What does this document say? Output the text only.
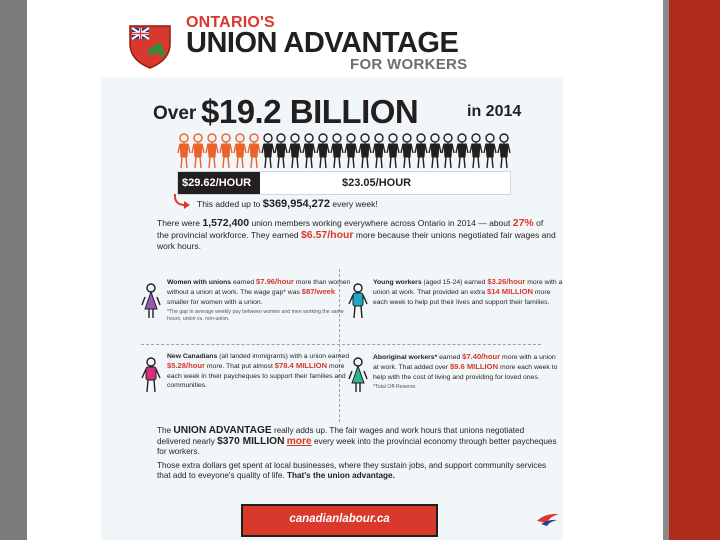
ONTARIO'S
UNION ADVANTAGE
FOR WORKERS
Over $19.2 BILLION	in 2014
$29.62/HOUR	$23.05/HOUR
This added up to $369,954,272 every week!
There were 1,572,400 union members working everywhere across Ontario in 2014 — about 27% of the provincial workforce. They earned $6.57/hour more because their unions negotiated fair wages and work hours.
Women with unions earned $7.96/hour more than women without a union at work. The wage gap* was $87/week smaller for women with a union.
*The gap in average weekly pay between women and men working the same hours, union vs. non-union.
Young workers (aged 15-24) earned $3.26/hour more with a union at work. That provided an extra $14 MILLION more each week to help put their lives and support their families.
New Canadians (all landed immigrants) with a union earned $5.28/hour more. That put almost $78.4 MILLION more each week in their paycheques to support their families and communities.
Aboriginal workers* earned $7.40/hour more with a union at work. That added over $9.6 MILLION more each week to help with the cost of living and providing for loved ones.
*Total Off-Reserve.

The UNION ADVANTAGE really adds up. The fair wages and work hours that unions negotiated delivered nearly $370 MILLION more every week into the provincial economy through better paycheques for workers.

Those extra dollars get spent at local businesses, where they sustain jobs, and support community services that add to eveyone's quality of life. That's the union advantage.

canadianlabour.ca
